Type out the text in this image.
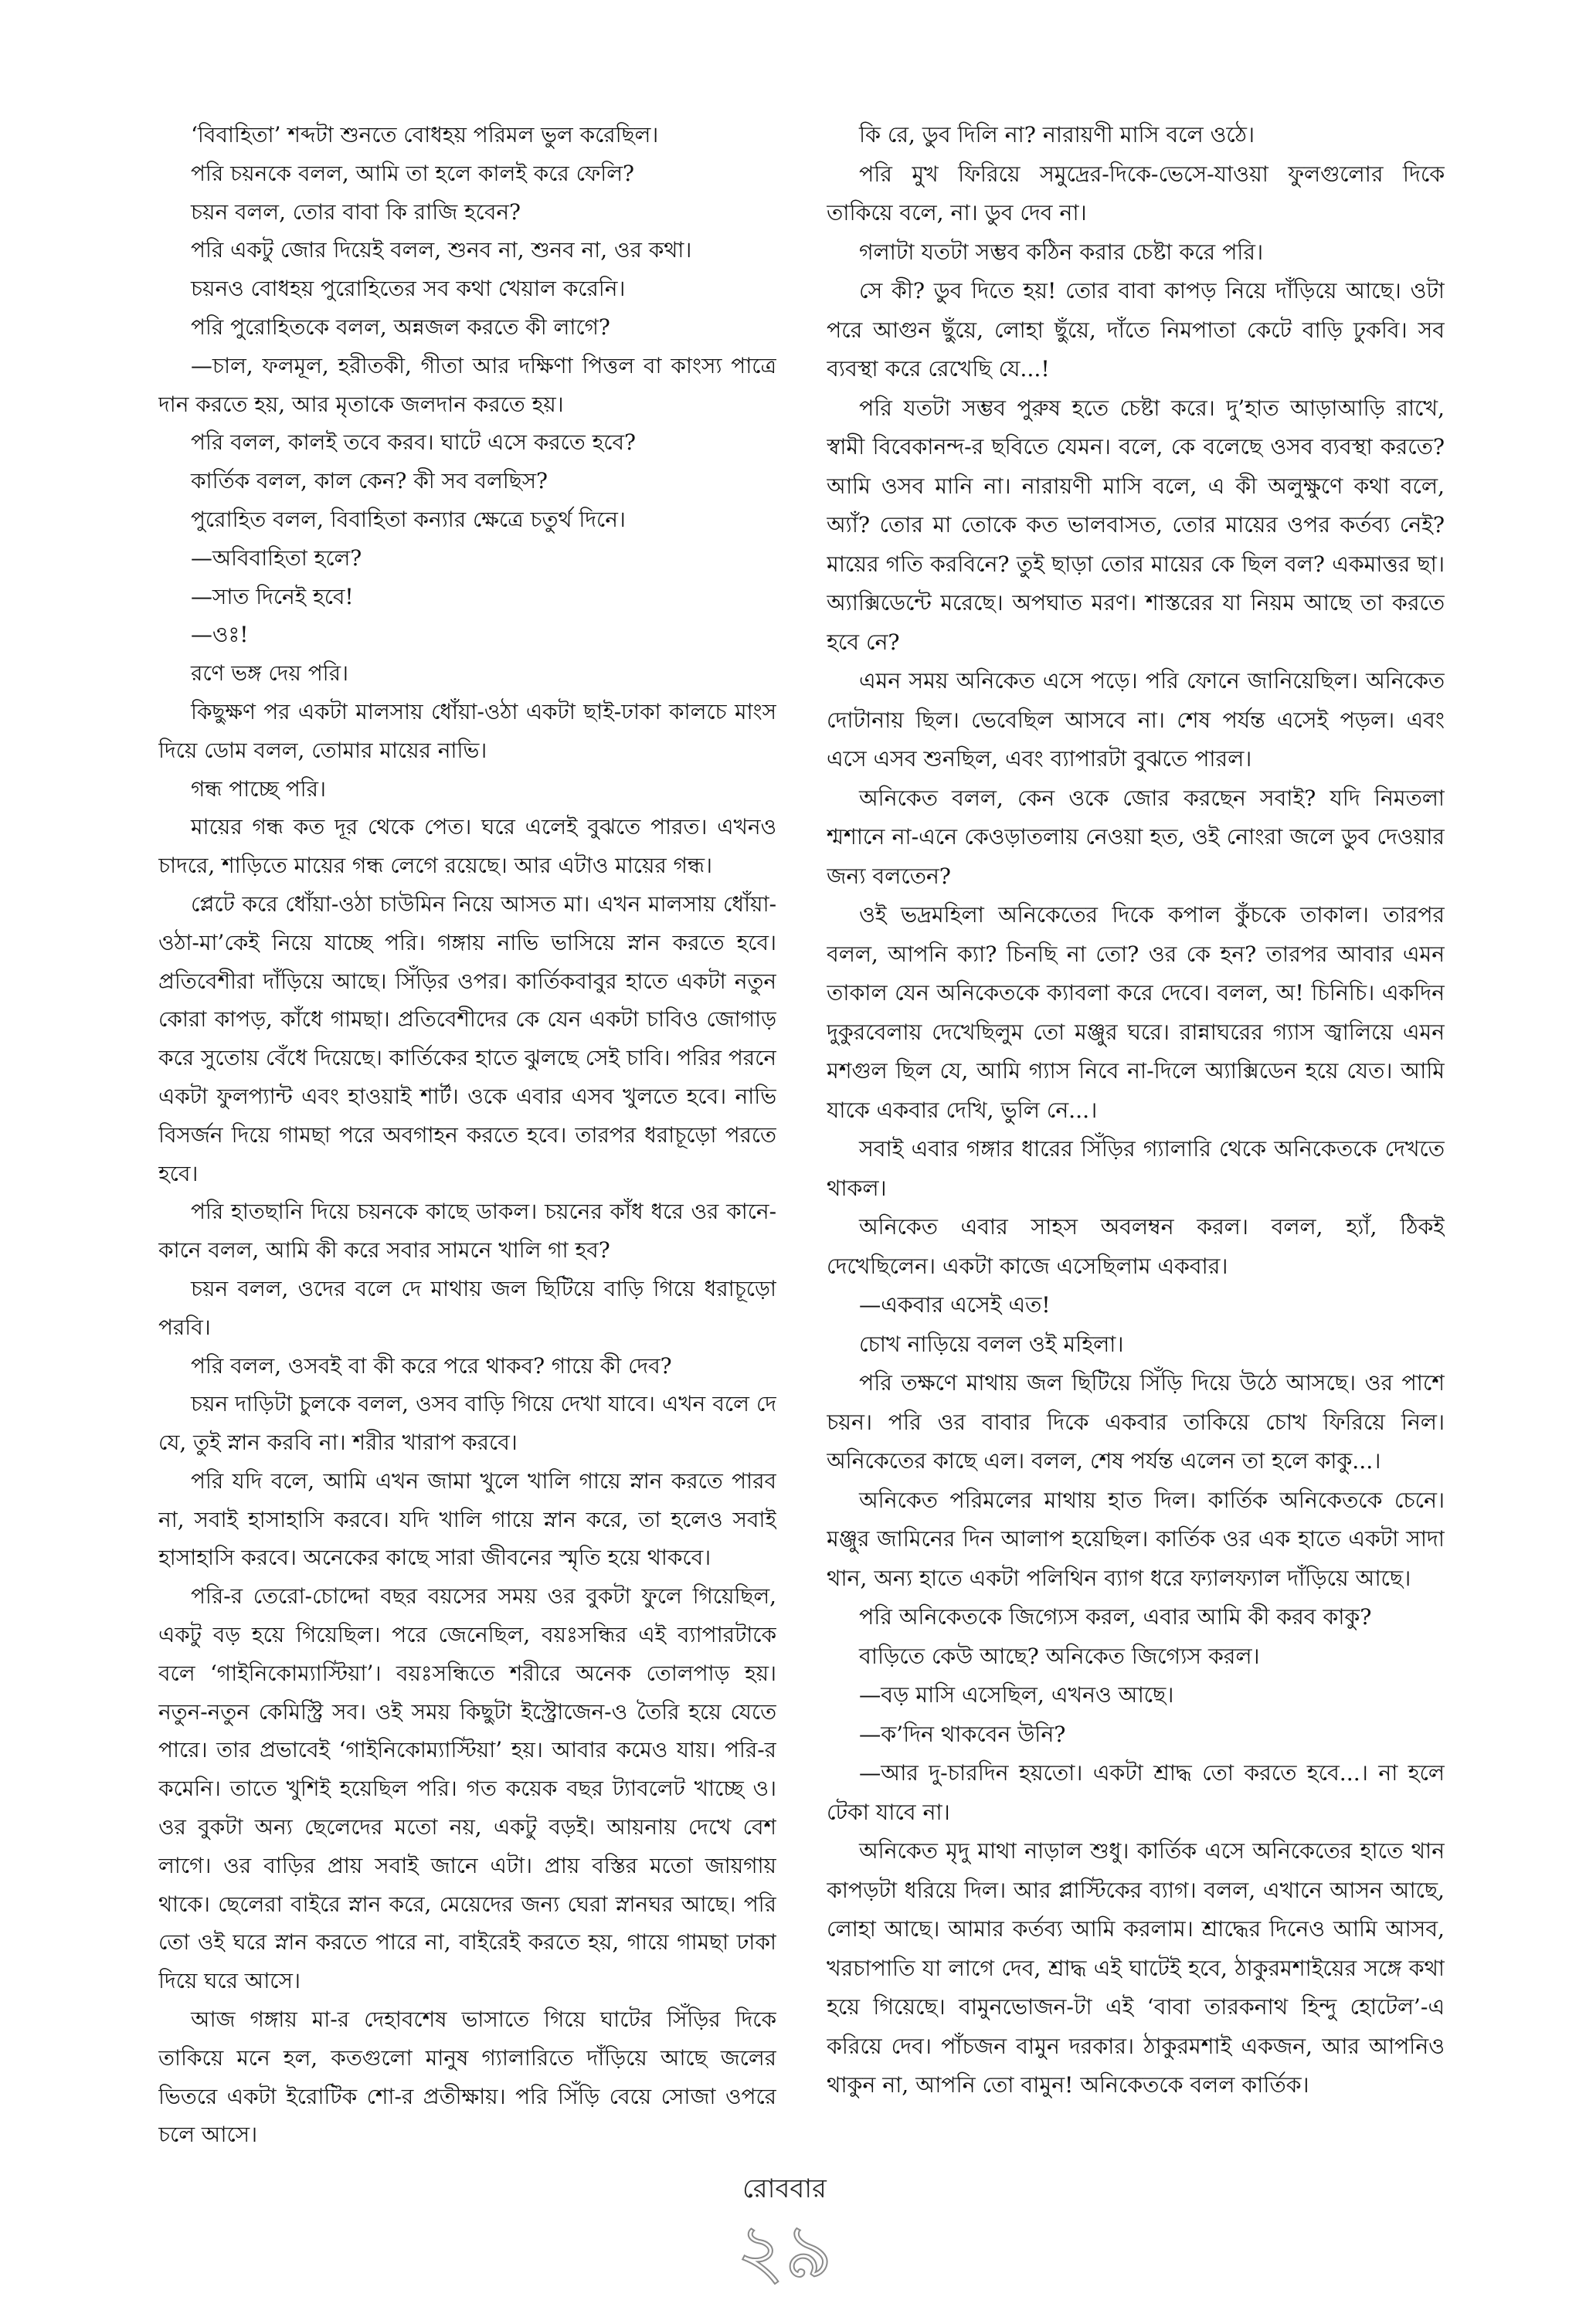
‘বিবাহিতা’ শব্দটা শুনতে বোধহয় পরিমল ভুল করেছিল।

পরি চয়নকে বলল, আমি তা হলে কালই করে ফেলি?

চয়ন বলল, তোর বাবা কি রাজি হবেন?

পরি একটু জোর দিয়েই বলল, শুনব না, শুনব না, ওর কথা।

চয়নও বোধহয় পুরোহিতের সব কথা খেয়াল করেনি।

পরি পুরোহিতকে বলল, অন্নজল করতে কী লাগে?

—চাল, ফলমূল, হরীতকী, গীতা আর দক্ষিণা পিত্তল বা কাংস্য পাত্রে দান করতে হয়, আর মৃতাকে জলদান করতে হয়।

পরি বলল, কালই তবে করব। ঘাটে এসে করতে হবে?

কার্তিক বলল, কাল কেন? কী সব বলছিস?

পুরোহিত বলল, বিবাহিতা কন্যার ক্ষেত্রে চতুর্থ দিনে।

—অবিবাহিতা হলে?

—সাত দিনেই হবে!

—ওঃ!

রণে ভঙ্গ দেয় পরি।

কিছুক্ষণ পর একটা মালসায় ধোঁয়া-ওঠা একটা ছাই-ঢাকা কালচে মাংস দিয়ে ডোম বলল, তোমার মায়ের নাভি।

গন্ধ পাচ্ছে পরি।

মায়ের গন্ধ কত দূর থেকে পেত। ঘরে এলেই বুঝতে পারত। এখনও চাদরে, শাড়িতে মায়ের গন্ধ লেগে রয়েছে। আর এটাও মায়ের গন্ধ।

প্লেটে করে ধোঁয়া-ওঠা চাউমিন নিয়ে আসত মা। এখন মালসায় ধোঁয়া-ওঠা-মা’কেই নিয়ে যাচ্ছে পরি। গঙ্গায় নাভি ভাসিয়ে স্নান করতে হবে। প্রতিবেশীরা দাঁড়িয়ে আছে। সিঁড়ির ওপর। কার্তিকবাবুর হাতে একটা নতুন কোরা কাপড়, কাঁধে গামছা। প্রতিবেশীদের কে যেন একটা চাবিও জোগাড় করে সুতোয় বেঁধে দিয়েছে। কার্তিকের হাতে ঝুলছে সেই চাবি। পরির পরনে একটা ফুলপ্যান্ট এবং হাওয়াই শার্ট। ওকে এবার এসব খুলতে হবে। নাভি বিসর্জন দিয়ে গামছা পরে অবগাহন করতে হবে। তারপর ধরাচূড়ো পরতে হবে।

পরি হাতছানি দিয়ে চয়নকে কাছে ডাকল। চয়নের কাঁধ ধরে ওর কানে-কানে বলল, আমি কী করে সবার সামনে খালি গা হব?

চয়ন বলল, ওদের বলে দে মাথায় জল ছিটিয়ে বাড়ি গিয়ে ধরাচূড়ো পরবি।

পরি বলল, ওসবই বা কী করে পরে থাকব? গায়ে কী দেব?

চয়ন দাড়িটা চুলকে বলল, ওসব বাড়ি গিয়ে দেখা যাবে। এখন বলে দে যে, তুই স্নান করবি না। শরীর খারাপ করবে।

পরি যদি বলে, আমি এখন জামা খুলে খালি গায়ে স্নান করতে পারব না, সবাই হাসাহাসি করবে। যদি খালি গায়ে স্নান করে, তা হলেও সবাই হাসাহাসি করবে। অনেকের কাছে সারা জীবনের স্মৃতি হয়ে থাকবে।

পরি-র তেরো-চোদ্দো বছর বয়সের সময় ওর বুকটা ফুলে গিয়েছিল, একটু বড় হয়ে গিয়েছিল। পরে জেনেছিল, বয়ঃসন্ধির এই ব্যাপারটাকে বলে ‘গাইনিকোম্যাস্টিয়া’। বয়ঃসন্ধিতে শরীরে অনেক তোলপাড় হয়। নতুন-নতুন কেমিস্ট্রি সব। ওই সময় কিছুটা ইস্ট্রোজেন-ও তৈরি হয়ে যেতে পারে। তার প্রভাবেই ‘গাইনিকোম্যাস্টিয়া’ হয়। আবার কমেও যায়। পরি-র কমেনি। তাতে খুশিই হয়েছিল পরি। গত কয়েক বছর ট্যাবলেট খাচ্ছে ও। ওর বুকটা অন্য ছেলেদের মতো নয়, একটু বড়ই। আয়নায় দেখে বেশ লাগে। ওর বাড়ির প্রায় সবাই জানে এটা। প্রায় বস্তির মতো জায়গায় থাকে। ছেলেরা বাইরে স্নান করে, মেয়েদের জন্য ঘেরা স্নানঘর আছে। পরি তো ওই ঘরে স্নান করতে পারে না, বাইরেই করতে হয়, গায়ে গামছা ঢাকা দিয়ে ঘরে আসে।

আজ গঙ্গায় মা-র দেহাবশেষ ভাসাতে গিয়ে ঘাটের সিঁড়ির দিকে তাকিয়ে মনে হল, কতগুলো মানুষ গ্যালারিতে দাঁড়িয়ে আছে জলের ভিতরে একটা ইরোটিক শো-র প্রতীক্ষায়। পরি সিঁড়ি বেয়ে সোজা ওপরে চলে আসে।

কি রে, ডুব দিলি না? নারায়ণী মাসি বলে ওঠে।

পরি মুখ ফিরিয়ে সমুদ্রের-দিকে-ভেসে-যাওয়া ফুলগুলোর দিকে তাকিয়ে বলে, না। ডুব দেব না।

গলাটা যতটা সম্ভব কঠিন করার চেষ্টা করে পরি।

সে কী? ডুব দিতে হয়! তোর বাবা কাপড় নিয়ে দাঁড়িয়ে আছে। ওটা পরে আগুন ছুঁয়ে, লোহা ছুঁয়ে, দাঁতে নিমপাতা কেটে বাড়ি ঢুকবি। সব ব্যবস্থা করে রেখেছি যে...!

পরি যতটা সম্ভব পুরুষ হতে চেষ্টা করে। দু’হাত আড়াআড়ি রাখে, স্বামী বিবেকানন্দ-র ছবিতে যেমন। বলে, কে বলেছে ওসব ব্যবস্থা করতে? আমি ওসব মানি না। নারায়ণী মাসি বলে, এ কী অলুক্ষুণে কথা বলে, অ্যাঁ? তোর মা তোকে কত ভালবাসত, তোর মায়ের ওপর কর্তব্য নেই? মায়ের গতি করবিনে? তুই ছাড়া তোর মায়ের কে ছিল বল? একমাত্তর ছা। অ্যাক্সিডেন্টে মরেছে। অপঘাত মরণ। শাস্তরের যা নিয়ম আছে তা করতে হবে নে?

এমন সময় অনিকেত এসে পড়ে। পরি ফোনে জানিয়েছিল। অনিকেত দোটানায় ছিল। ভেবেছিল আসবে না। শেষ পর্যন্ত এসেই পড়ল। এবং এসে এসব শুনছিল, এবং ব্যাপারটা বুঝতে পারল।

অনিকেত বলল, কেন ওকে জোর করছেন সবাই? যদি নিমতলা শ্মশানে না-এনে কেওড়াতলায় নেওয়া হত, ওই নোংরা জলে ডুব দেওয়ার জন্য বলতেন?

ওই ভদ্রমহিলা অনিকেতের দিকে কপাল কুঁচকে তাকাল। তারপর বলল, আপনি ক্যা? চিনছি না তো? ওর কে হন? তারপর আবার এমন তাকাল যেন অনিকেতকে ক্যাবলা করে দেবে। বলল, অ! চিনিচি। একদিন দুকুরবেলায় দেখেছিলুম তো মঞ্জুর ঘরে। রান্নাঘরের গ্যাস জ্বালিয়ে এমন মশগুল ছিল যে, আমি গ্যাস নিবে না-দিলে অ্যাক্সিডেন হয়ে যেত। আমি যাকে একবার দেখি, ভুলি নে...।

সবাই এবার গঙ্গার ধারের সিঁড়ির গ্যালারি থেকে অনিকেতকে দেখতে থাকল।

অনিকেত এবার সাহস অবলম্বন করল। বলল, হ্যাঁ, ঠিকই দেখেছিলেন। একটা কাজে এসেছিলাম একবার।

—একবার এসেই এত!

চোখ নাড়িয়ে বলল ওই মহিলা।

পরি তক্ষণে মাথায় জল ছিটিয়ে সিঁড়ি দিয়ে উঠে আসছে। ওর পাশে চয়ন। পরি ওর বাবার দিকে একবার তাকিয়ে চোখ ফিরিয়ে নিল। অনিকেতের কাছে এল। বলল, শেষ পর্যন্ত এলেন তা হলে কাকু...।

অনিকেত পরিমলের মাথায় হাত দিল। কার্তিক অনিকেতকে চেনে। মঞ্জুর জামিনের দিন আলাপ হয়েছিল। কার্তিক ওর এক হাতে একটা সাদা থান, অন্য হাতে একটা পলিথিন ব্যাগ ধরে ফ্যালফ্যাল দাঁড়িয়ে আছে।

পরি অনিকেতকে জিগ্যেস করল, এবার আমি কী করব কাকু?

বাড়িতে কেউ আছে? অনিকেত জিগ্যেস করল।

—বড় মাসি এসেছিল, এখনও আছে।

—ক’দিন থাকবেন উনি?

—আর দু-চারদিন হয়তো। একটা শ্রাদ্ধ তো করতে হবে...। না হলে টেকা যাবে না।

অনিকেত মৃদু মাথা নাড়াল শুধু। কার্তিক এসে অনিকেতের হাতে থান কাপড়টা ধরিয়ে দিল। আর প্লাস্টিকের ব্যাগ। বলল, এখানে আসন আছে, লোহা আছে। আমার কর্তব্য আমি করলাম। শ্রাদ্ধের দিনেও আমি আসব, খরচাপাতি যা লাগে দেব, শ্রাদ্ধ এই ঘাটেই হবে, ঠাকুরমশাইয়ের সঙ্গে কথা হয়ে গিয়েছে। বামুনভোজন-টা এই ‘বাবা তারকনাথ হিন্দু হোটেল’-এ করিয়ে দেব। পাঁচজন বামুন দরকার। ঠাকুরমশাই একজন, আর আপনিও থাকুন না, আপনি তো বামুন! অনিকেতকে বলল কার্তিক।

রোববার
২৯
